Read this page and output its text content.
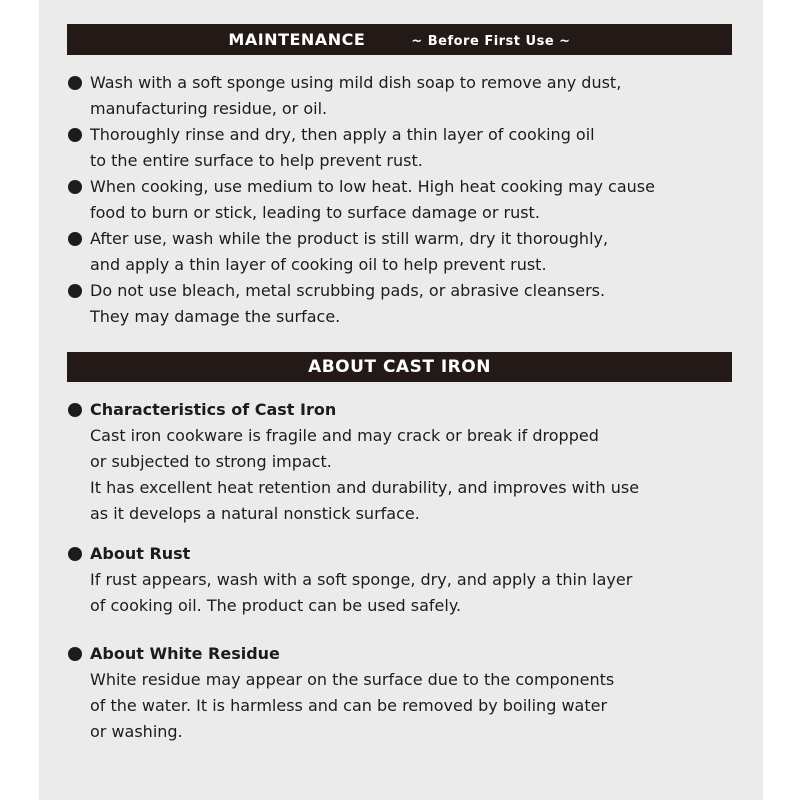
MAINTENANCE	~ Before First Use ~
Wash with a soft sponge using mild dish soap to remove any dust,
manufacturing residue, or oil.
Thoroughly rinse and dry, then apply a thin layer of cooking oil
to the entire surface to help prevent rust.
When cooking, use medium to low heat. High heat cooking may cause
food to burn or stick, leading to surface damage or rust.
After use, wash while the product is still warm, dry it thoroughly,
and apply a thin layer of cooking oil to help prevent rust.
Do not use bleach, metal scrubbing pads, or abrasive cleansers.
They may damage the surface.
ABOUT CAST IRON
Characteristics of Cast Iron
Cast iron cookware is fragile and may crack or break if dropped
or subjected to strong impact.
It has excellent heat retention and durability, and improves with use
as it develops a natural nonstick surface.
About Rust
If rust appears, wash with a soft sponge, dry, and apply a thin layer
of cooking oil. The product can be used safely.
About White Residue
White residue may appear on the surface due to the components
of the water. It is harmless and can be removed by boiling water
or washing.
